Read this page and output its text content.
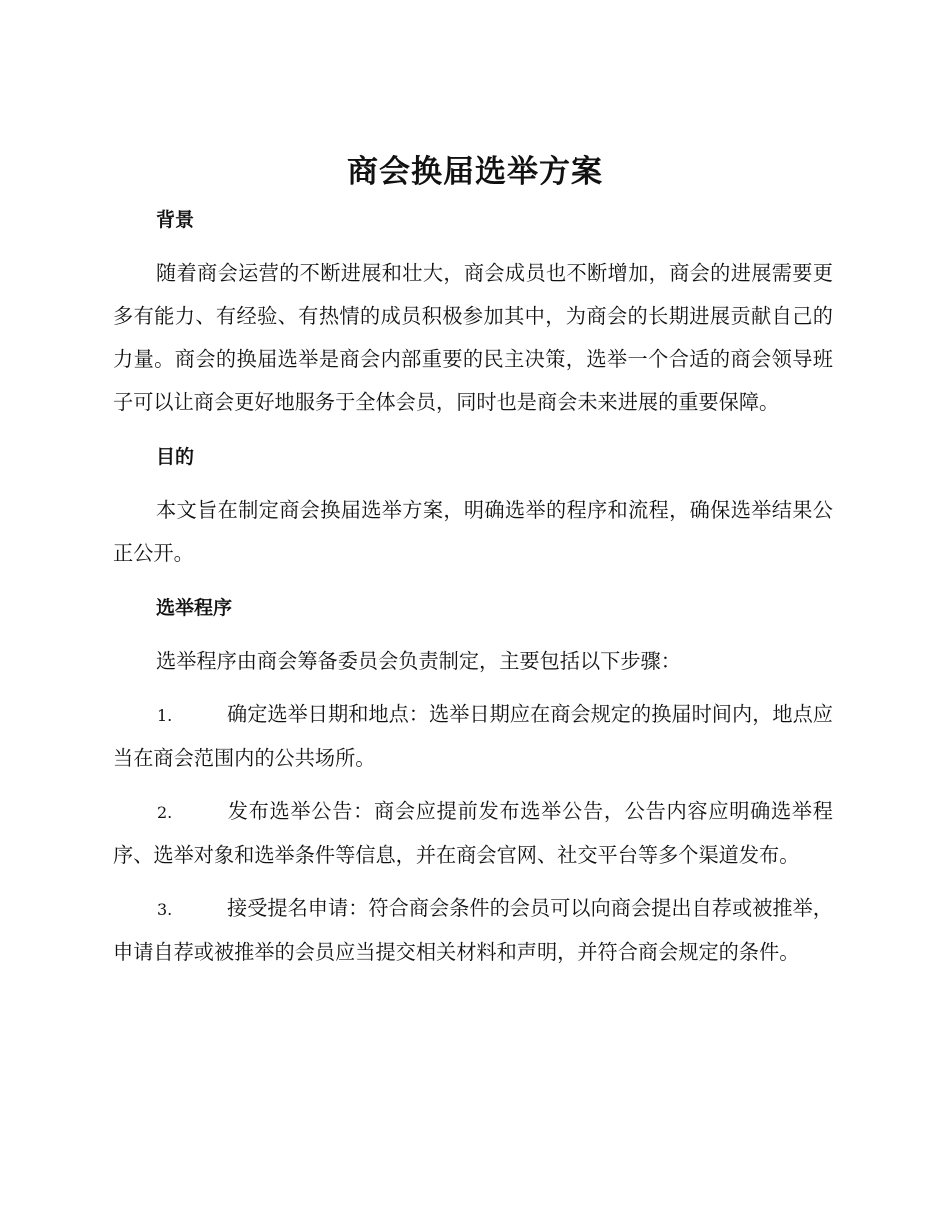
商会换届选举方案

背景

随着商会运营的不断进展和壮大，商会成员也不断增加，商会的进展需要更多有能力、有经验、有热情的成员积极参加其中，为商会的长期进展贡献自己的力量。商会的换届选举是商会内部重要的民主决策，选举一个合适的商会领导班子可以让商会更好地服务于全体会员，同时也是商会未来进展的重要保障。

目的

本文旨在制定商会换届选举方案，明确选举的程序和流程，确保选举结果公正公开。

选举程序

选举程序由商会筹备委员会负责制定，主要包括以下步骤：

1.	确定选举日期和地点：选举日期应在商会规定的换届时间内，地点应当在商会范围内的公共场所。

2.	发布选举公告：商会应提前发布选举公告，公告内容应明确选举程序、选举对象和选举条件等信息，并在商会官网、社交平台等多个渠道发布。

3.	接受提名申请：符合商会条件的会员可以向商会提出自荐或被推举，申请自荐或被推举的会员应当提交相关材料和声明，并符合商会规定的条件。
